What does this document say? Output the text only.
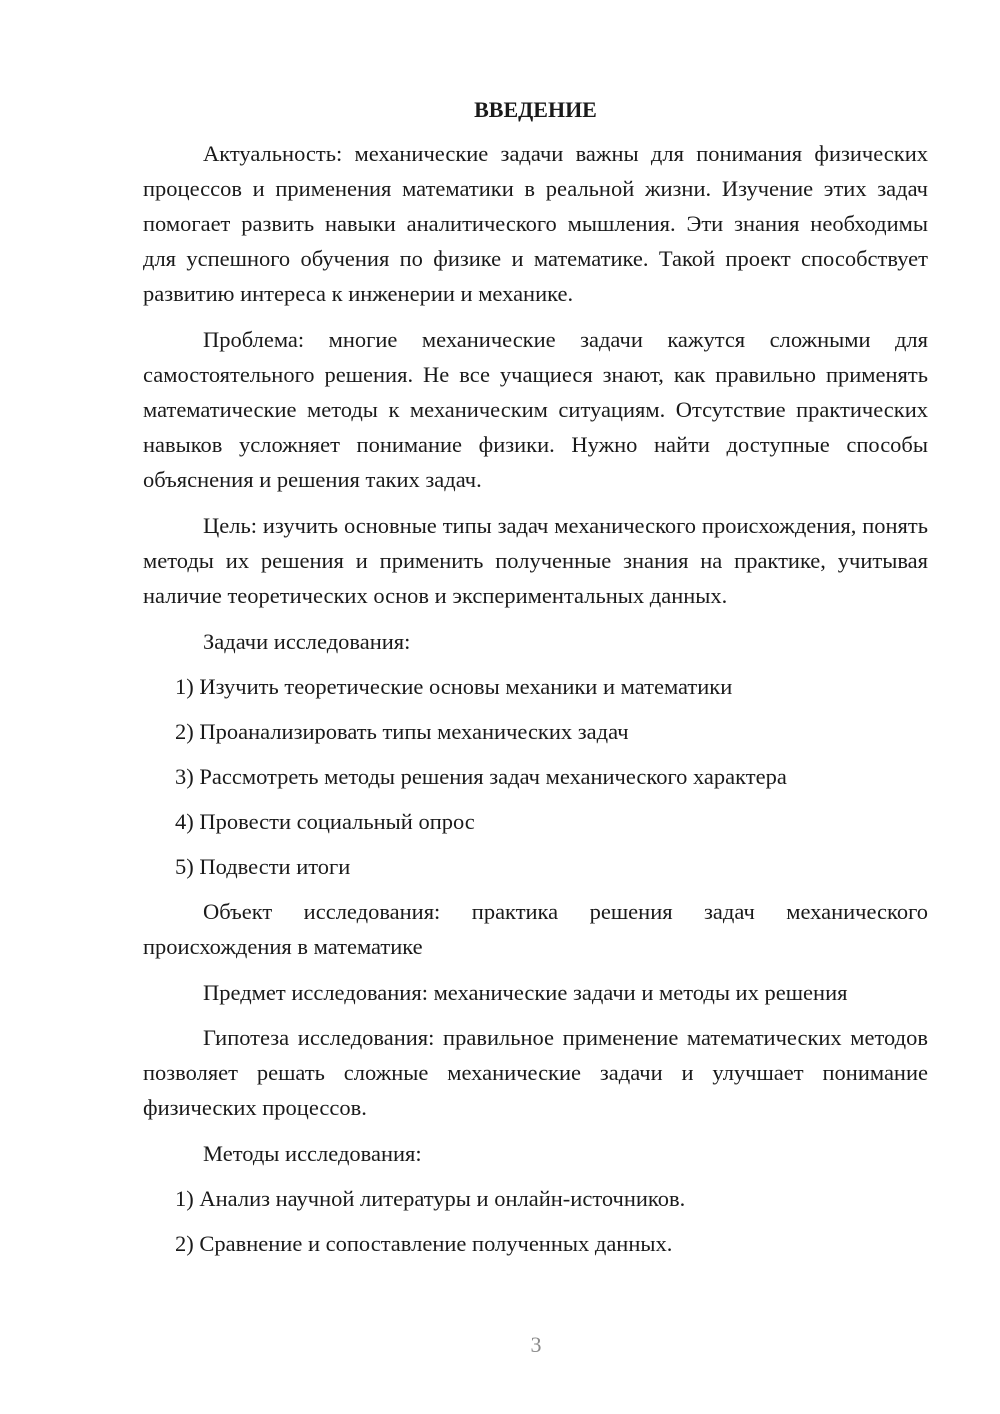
ВВЕДЕНИЕ

Актуальность: механические задачи важны для понимания физических процессов и применения математики в реальной жизни. Изучение этих задач помогает развить навыки аналитического мышления. Эти знания необходимы для успешного обучения по физике и математике. Такой проект способствует развитию интереса к инженерии и механике.

Проблема: многие механические задачи кажутся сложными для самостоятельного решения. Не все учащиеся знают, как правильно применять математические методы к механическим ситуациям. Отсутствие практических навыков усложняет понимание физики. Нужно найти доступные способы объяснения и решения таких задач.

Цель: изучить основные типы задач механического происхождения, понять методы их решения и применить полученные знания на практике, учитывая наличие теоретических основ и экспериментальных данных.

Задачи исследования:

1) Изучить теоретические основы механики и математики
2) Проанализировать типы механических задач
3) Рассмотреть методы решения задач механического характера
4) Провести социальный опрос
5) Подвести итоги

Объект исследования: практика решения задач механического происхождения в математике

Предмет исследования: механические задачи и методы их решения

Гипотеза исследования: правильное применение математических методов позволяет решать сложные механические задачи и улучшает понимание физических процессов.

Методы исследования:

1) Анализ научной литературы и онлайн-источников.
2) Сравнение и сопоставление полученных данных.
3
